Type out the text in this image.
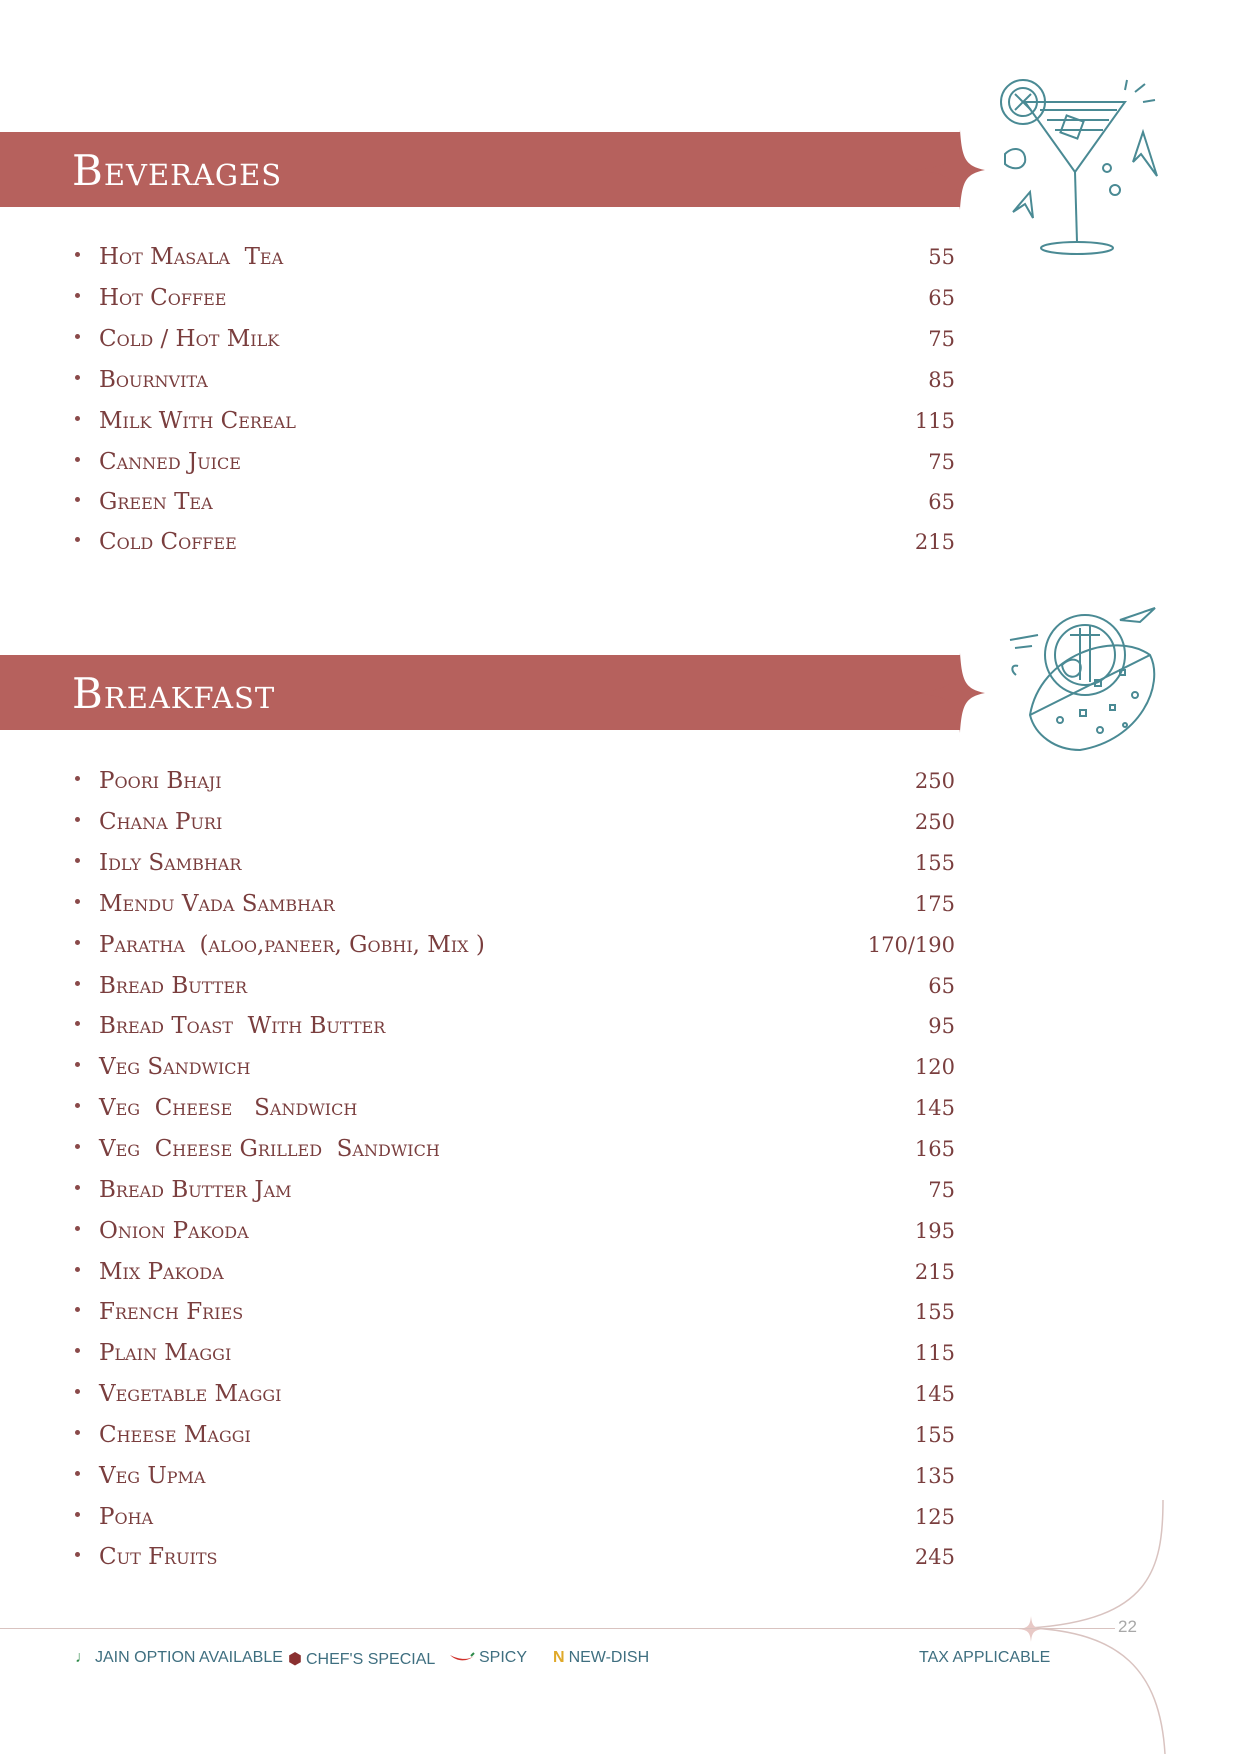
Beverages
Hot Masala  Tea	55
Hot Coffee	65
Cold / Hot Milk	75
Bournvita	85
Milk With Cereal	115
Canned Juice	75
Green Tea	65
Cold Coffee	215
Breakfast
Poori Bhaji	250
Chana Puri	250
Idly Sambhar	155
Mendu Vada Sambhar	175
Paratha  (aloo,paneer, Gobhi, Mix )	170/190
Bread Butter	65
Bread Toast  With Butter	95
Veg Sandwich	120
Veg  Cheese   Sandwich	145
Veg  Cheese Grilled  Sandwich	165
Bread Butter Jam	75
Onion Pakoda	195
Mix Pakoda	215
French Fries	155
Plain Maggi	115
Vegetable Maggi	145
Cheese Maggi	155
Veg Upma	135
Poha	125
Cut Fruits	245
22
♩ JAIN OPTION AVAILABLE ⬢ CHEF'S SPECIAL	SPICY N NEW-DISH	TAX APPLICABLE
